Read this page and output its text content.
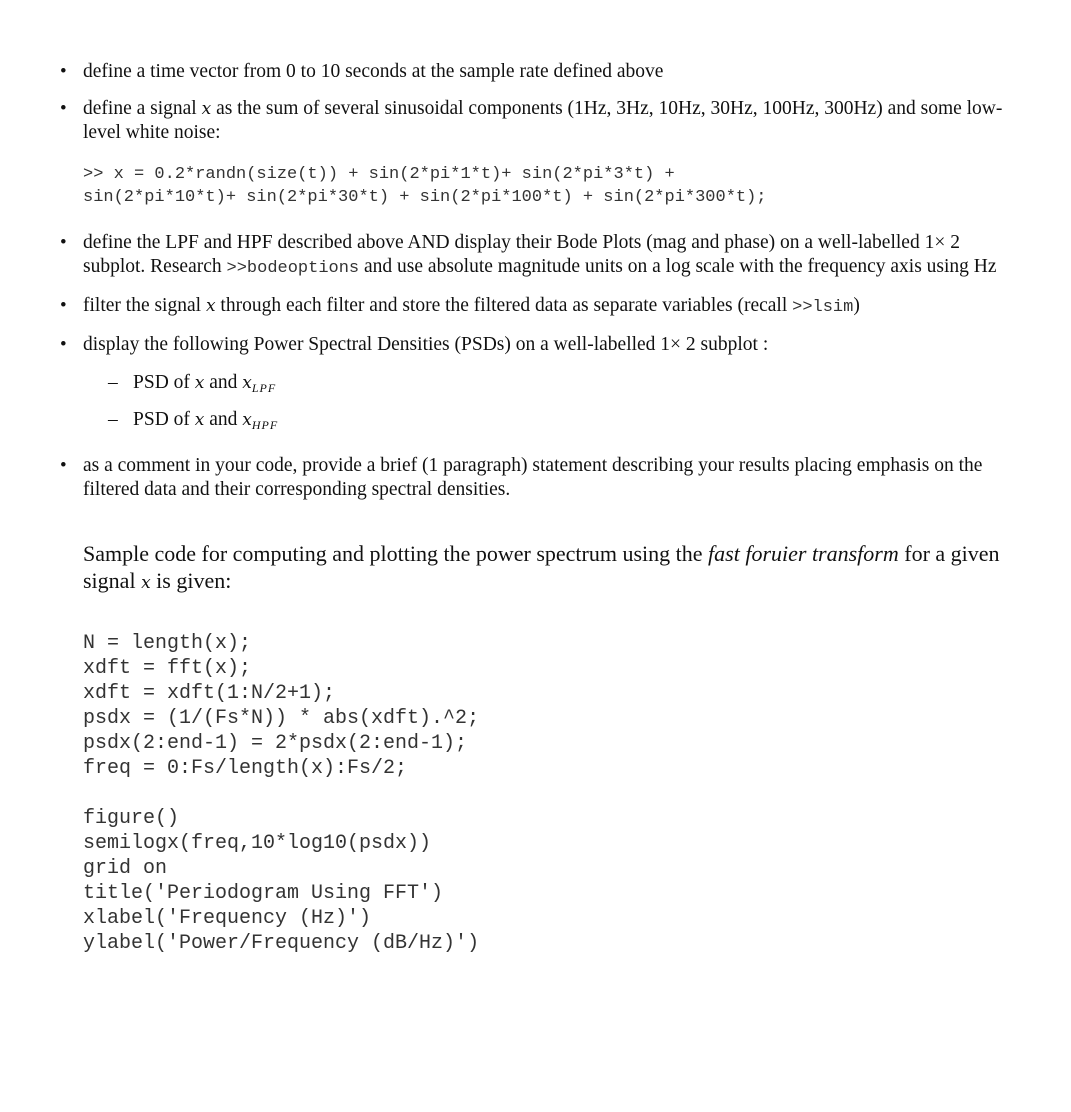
• define a time vector from 0 to 10 seconds at the sample rate defined above

• define a signal x as the sum of several sinusoidal components (1Hz, 3Hz, 10Hz, 30Hz, 100Hz, 300Hz) and some low-level white noise:

>> x = 0.2*randn(size(t)) + sin(2*pi*1*t)+ sin(2*pi*3*t) +
sin(2*pi*10*t)+ sin(2*pi*30*t) + sin(2*pi*100*t) + sin(2*pi*300*t);
• define the LPF and HPF described above AND display their Bode Plots (mag and phase) on a well-labelled 1× 2 subplot. Research >>bodeoptions and use absolute magnitude units on a log scale with the frequency axis using Hz

• filter the signal x through each filter and store the filtered data as separate variables (recall >>lsim)

• display the following Power Spectral Densities (PSDs) on a well-labelled 1× 2 subplot :

– PSD of x and $x_{LPF}$
– PSD of x and $x_{HPF}$
• as a comment in your code, provide a brief (1 paragraph) statement describing your results placing emphasis on the filtered data and their corresponding spectral densities.

Sample code for computing and plotting the power spectrum using the fast foruier transform for a given signal x is given:

N = length(x);
xdft = fft(x);
xdft = xdft(1:N/2+1);
psdx = (1/(Fs*N)) * abs(xdft).^2;
psdx(2:end-1) = 2*psdx(2:end-1);
freq = 0:Fs/length(x):Fs/2;
figure()
semilogx(freq,10*log10(psdx))
grid on
title('Periodogram Using FFT')
xlabel('Frequency (Hz)')
ylabel('Power/Frequency (dB/Hz)')
